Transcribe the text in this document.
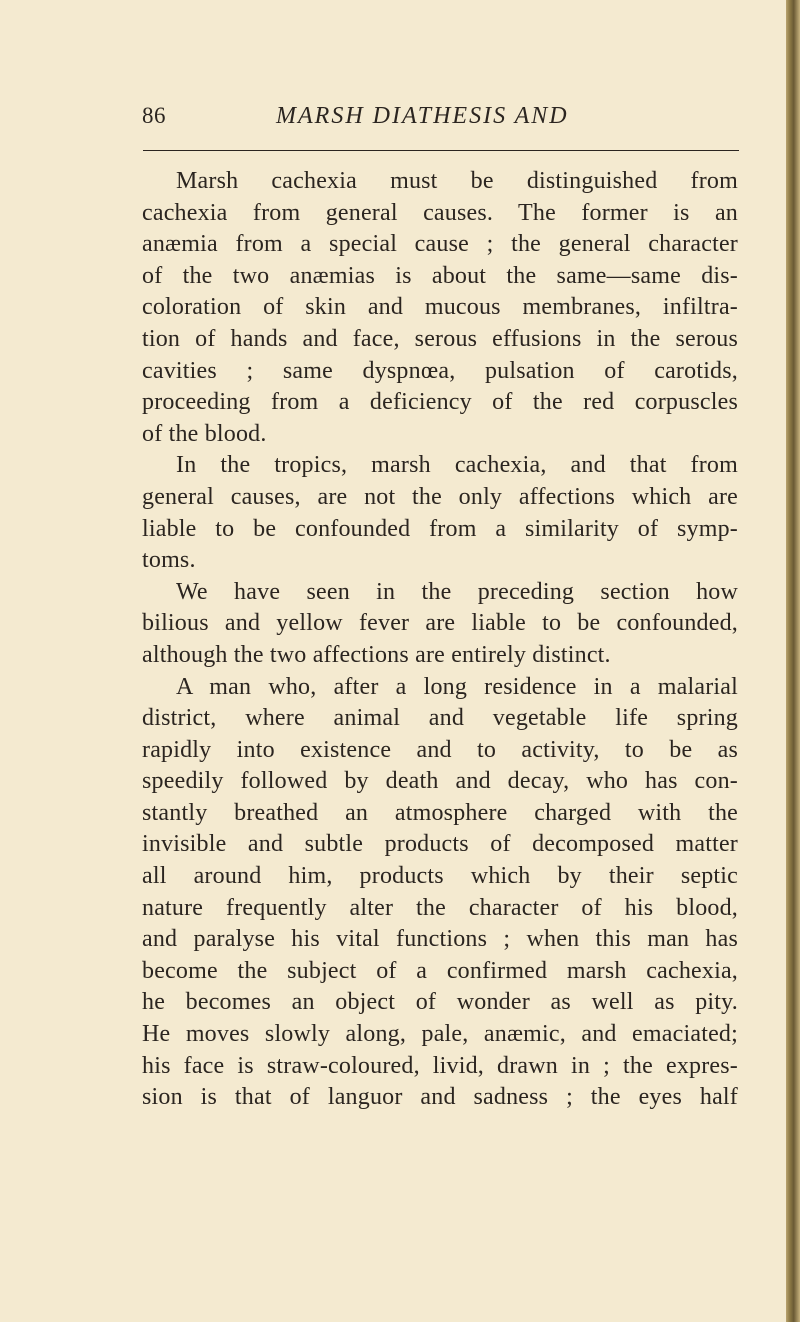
86	MARSH DIATHESIS AND
Marsh cachexia must be distinguished from
cachexia from general causes. The former is an
anæmia from a special cause ; the general character
of the two anæmias is about the same—same dis-
coloration of skin and mucous membranes, infiltra-
tion of hands and face, serous effusions in the serous
cavities ; same dyspnœa, pulsation of carotids,
proceeding from a deficiency of the red corpuscles
of the blood.
In the tropics, marsh cachexia, and that from
general causes, are not the only affections which are
liable to be confounded from a similarity of symp-
toms.
We have seen in the preceding section how
bilious and yellow fever are liable to be confounded,
although the two affections are entirely distinct.
A man who, after a long residence in a malarial
district, where animal and vegetable life spring
rapidly into existence and to activity, to be as
speedily followed by death and decay, who has con-
stantly breathed an atmosphere charged with the
invisible and subtle products of decomposed matter
all around him, products which by their septic
nature frequently alter the character of his blood,
and paralyse his vital functions ; when this man has
become the subject of a confirmed marsh cachexia,
he becomes an object of wonder as well as pity.
He moves slowly along, pale, anæmic, and emaciated;
his face is straw-coloured, livid, drawn in ; the expres-
sion is that of languor and sadness ; the eyes half
